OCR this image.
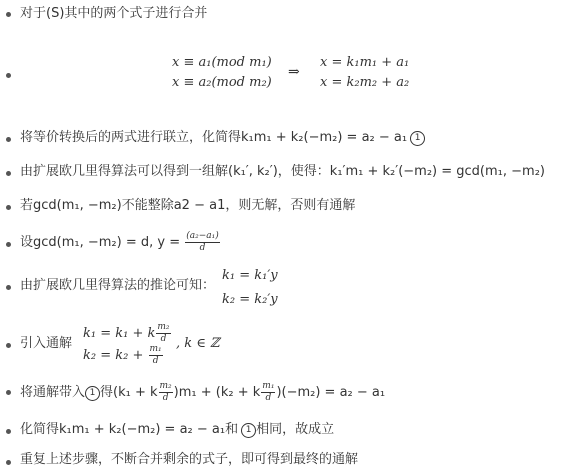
对于(S)其中的两个式子进行合并
x ≡ a₁(mod m₁)
x ≡ a₂(mod m₂)
⇒
x = k₁m₁ + a₁
x = k₂m₂ + a₂
将等价转换后的两式进行联立，化简得k₁m₁ + k₂(−m₂) = a₂ − a₁ 1
由扩展欧几里得算法可以得到一组解(k₁′, k₂′)，使得：k₁′m₁ + k₂′(−m₂) = gcd(m₁, −m₂)
若gcd(m₁, −m₂)不能整除a2 − a1，则无解，否则有通解
设gcd(m₁, −m₂) = d, $y = \frac{\text{(a₂−a₁)}}{d}$
由扩展欧几里得算法的推论可知：
k₁ = k₁′y
k₂ = k₂′y
引入通解
k₁ = k₁ + k $\frac{\text{m₂}}{d}$
$k_2 = k_2 + \frac{\text{m₁}}{d}$
, k ∈ ℤ
将通解带入 1 得(k₁ + k $\frac{\text{m₂}}{d} )m_1 + (k_2 + k \frac{\text{m₁}}{d} )(-m_2) = a_2 - a_1$
化简得k₁m₁ + k₂(−m₂) = a₂ − a₁和 1 相同，故成立
重复上述步骤，不断合并剩余的式子，即可得到最终的通解
